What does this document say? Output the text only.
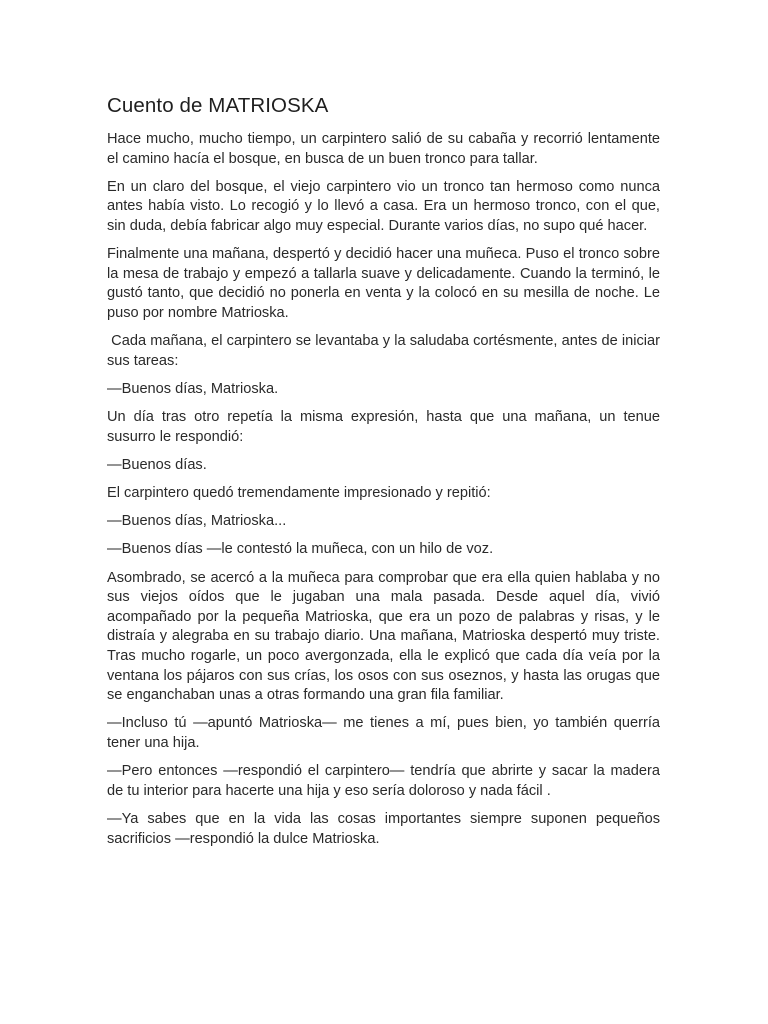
Cuento de MATRIOSKA

Hace mucho, mucho tiempo, un carpintero salió de su cabaña y recorrió lentamente el camino hacía el bosque, en busca de un buen tronco para tallar.

En un claro del bosque, el viejo carpintero vio un tronco tan hermoso como nunca antes había visto. Lo recogió y lo llevó a casa. Era un hermoso tronco, con el que, sin duda, debía fabricar algo muy especial. Durante varios días, no supo qué hacer.

Finalmente una mañana, despertó y decidió hacer una muñeca. Puso el tronco sobre la mesa de trabajo y empezó a tallarla suave y delicadamente. Cuando la terminó, le gustó tanto, que decidió no ponerla en venta y la colocó en su mesilla de noche. Le puso por nombre Matrioska.

Cada mañana, el carpintero se levantaba y la saludaba cortésmente, antes de iniciar sus tareas:

—Buenos días, Matrioska.

Un día tras otro repetía la misma expresión, hasta que una mañana, un tenue susurro le respondió:

—Buenos días.

El carpintero quedó tremendamente impresionado y repitió:

—Buenos días, Matrioska...

—Buenos días —le contestó la muñeca, con un hilo de voz.

Asombrado, se acercó a la muñeca para comprobar que era ella quien hablaba y no sus viejos oídos que le jugaban una mala pasada. Desde aquel día, vivió acompañado por la pequeña Matrioska, que era un pozo de palabras y risas, y le distraía y alegraba en su trabajo diario. Una mañana, Matrioska despertó muy triste. Tras mucho rogarle, un poco avergonzada, ella le explicó que cada día veía por la ventana los pájaros con sus crías, los osos con sus oseznos, y hasta las orugas que se enganchaban unas a otras formando una gran fila familiar.

—Incluso tú —apuntó Matrioska— me tienes a mí, pues bien, yo también querría tener una hija.

—Pero entonces —respondió el carpintero— tendría que abrirte y sacar la madera de tu interior para hacerte una hija y eso sería doloroso y nada fácil .

—Ya sabes que en la vida las cosas importantes siempre suponen pequeños sacrificios —respondió la dulce Matrioska.
